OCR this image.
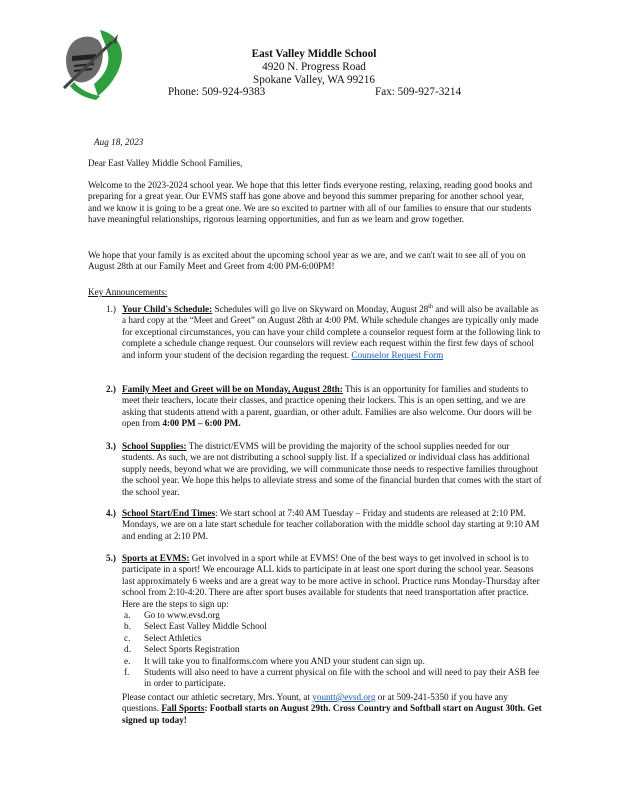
East Valley Middle School
4920 N. Progress Road
Spokane Valley, WA 99216
Phone: 509-924-9383	Fax: 509-927-3214
Aug 18, 2023
Dear East Valley Middle School Families,

Welcome to the 2023-2024 school year. We hope that this letter finds everyone resting, relaxing, reading good books and preparing for a great year. Our EVMS staff has gone above and beyond this summer preparing for another school year, and we know it is going to be a great one. We are so excited to partner with all of our families to ensure that our students have meaningful relationships, rigorous learning opportunities, and fun as we learn and grow together.

We hope that your family is as excited about the upcoming school year as we are, and we can't wait to see all of you on August 28th at our Family Meet and Greet from 4:00 PM-6:00PM!

Key Announcements:
1.) Your Child's Schedule: Schedules will go live on Skyward on Monday, August 28th and will also be available as a hard copy at the “Meet and Greet” on August 28th at 4:00 PM. While schedule changes are typically only made for exceptional circumstances, you can have your child complete a counselor request form at the following link to complete a schedule change request. Our counselors will review each request within the first few days of school and inform your student of the decision regarding the request. Counselor Request Form
2.) Family Meet and Greet will be on Monday, August 28th: This is an opportunity for families and students to meet their teachers, locate their classes, and practice opening their lockers. This is an open setting, and we are asking that students attend with a parent, guardian, or other adult. Families are also welcome. Our doors will be open from 4:00 PM – 6:00 PM.
3.) School Supplies: The district/EVMS will be providing the majority of the school supplies needed for our students. As such, we are not distributing a school supply list. If a specialized or individual class has additional supply needs, beyond what we are providing, we will communicate those needs to respective families throughout the school year. We hope this helps to alleviate stress and some of the financial burden that comes with the start of the school year.
4.) School Start/End Times: We start school at 7:40 AM Tuesday – Friday and students are released at 2:10 PM. Mondays, we are on a late start schedule for teacher collaboration with the middle school day starting at 9:10 AM and ending at 2:10 PM.
5.) Sports at EVMS: Get involved in a sport while at EVMS! One of the best ways to get involved in school is to participate in a sport! We encourage ALL kids to participate in at least one sport during the school year. Seasons last approximately 6 weeks and are a great way to be more active in school. Practice runs Monday-Thursday after school from 2:10-4:20. There are after sport buses available for students that need transportation after practice. Here are the steps to sign up:
a. Go to www.evsd.org
b. Select East Valley Middle School
c. Select Athletics
d. Select Sports Registration
e. It will take you to finalforms.com where you AND your student can sign up.
f. Students will also need to have a current physical on file with the school and will need to pay their ASB fee in order to participate.
Please contact our athletic secretary, Mrs. Yount, at yountt@evsd.org or at 509-241-5350 if you have any questions. Fall Sports: Football starts on August 29th. Cross Country and Softball start on August 30th. Get signed up today!
